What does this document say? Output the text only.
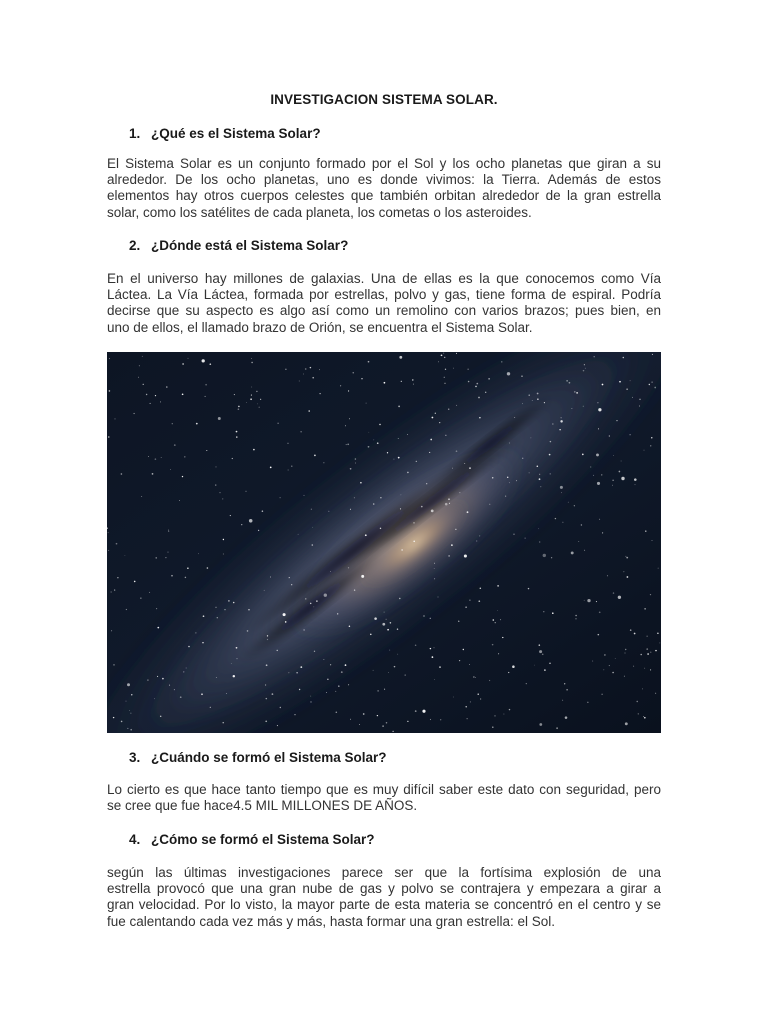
INVESTIGACION SISTEMA SOLAR.
1. ¿Qué es el Sistema Solar?
El Sistema Solar es un conjunto formado por el Sol y los ocho planetas que giran a su
alrededor. De los ocho planetas, uno es donde vivimos: la Tierra. Además de estos
elementos hay otros cuerpos celestes que también orbitan alrededor de la gran estrella
solar, como los satélites de cada planeta, los cometas o los asteroides.
2. ¿Dónde está el Sistema Solar?
En el universo hay millones de galaxias. Una de ellas es la que conocemos como Vía
Láctea. La Vía Láctea, formada por estrellas, polvo y gas, tiene forma de espiral. Podría
decirse que su aspecto es algo así como un remolino con varios brazos; pues bien, en
uno de ellos, el llamado brazo de Orión, se encuentra el Sistema Solar.
3. ¿Cuándo se formó el Sistema Solar?
Lo cierto es que hace tanto tiempo que es muy difícil saber este dato con seguridad, pero
se cree que fue hace4.5 MIL MILLONES DE AÑOS.
4. ¿Cómo se formó el Sistema Solar?
según las últimas investigaciones parece ser que la fortísima explosión de una
estrella provocó que una gran nube de gas y polvo se contrajera y empezara a girar a
gran velocidad. Por lo visto, la mayor parte de esta materia se concentró en el centro y se
fue calentando cada vez más y más, hasta formar una gran estrella: el Sol.
